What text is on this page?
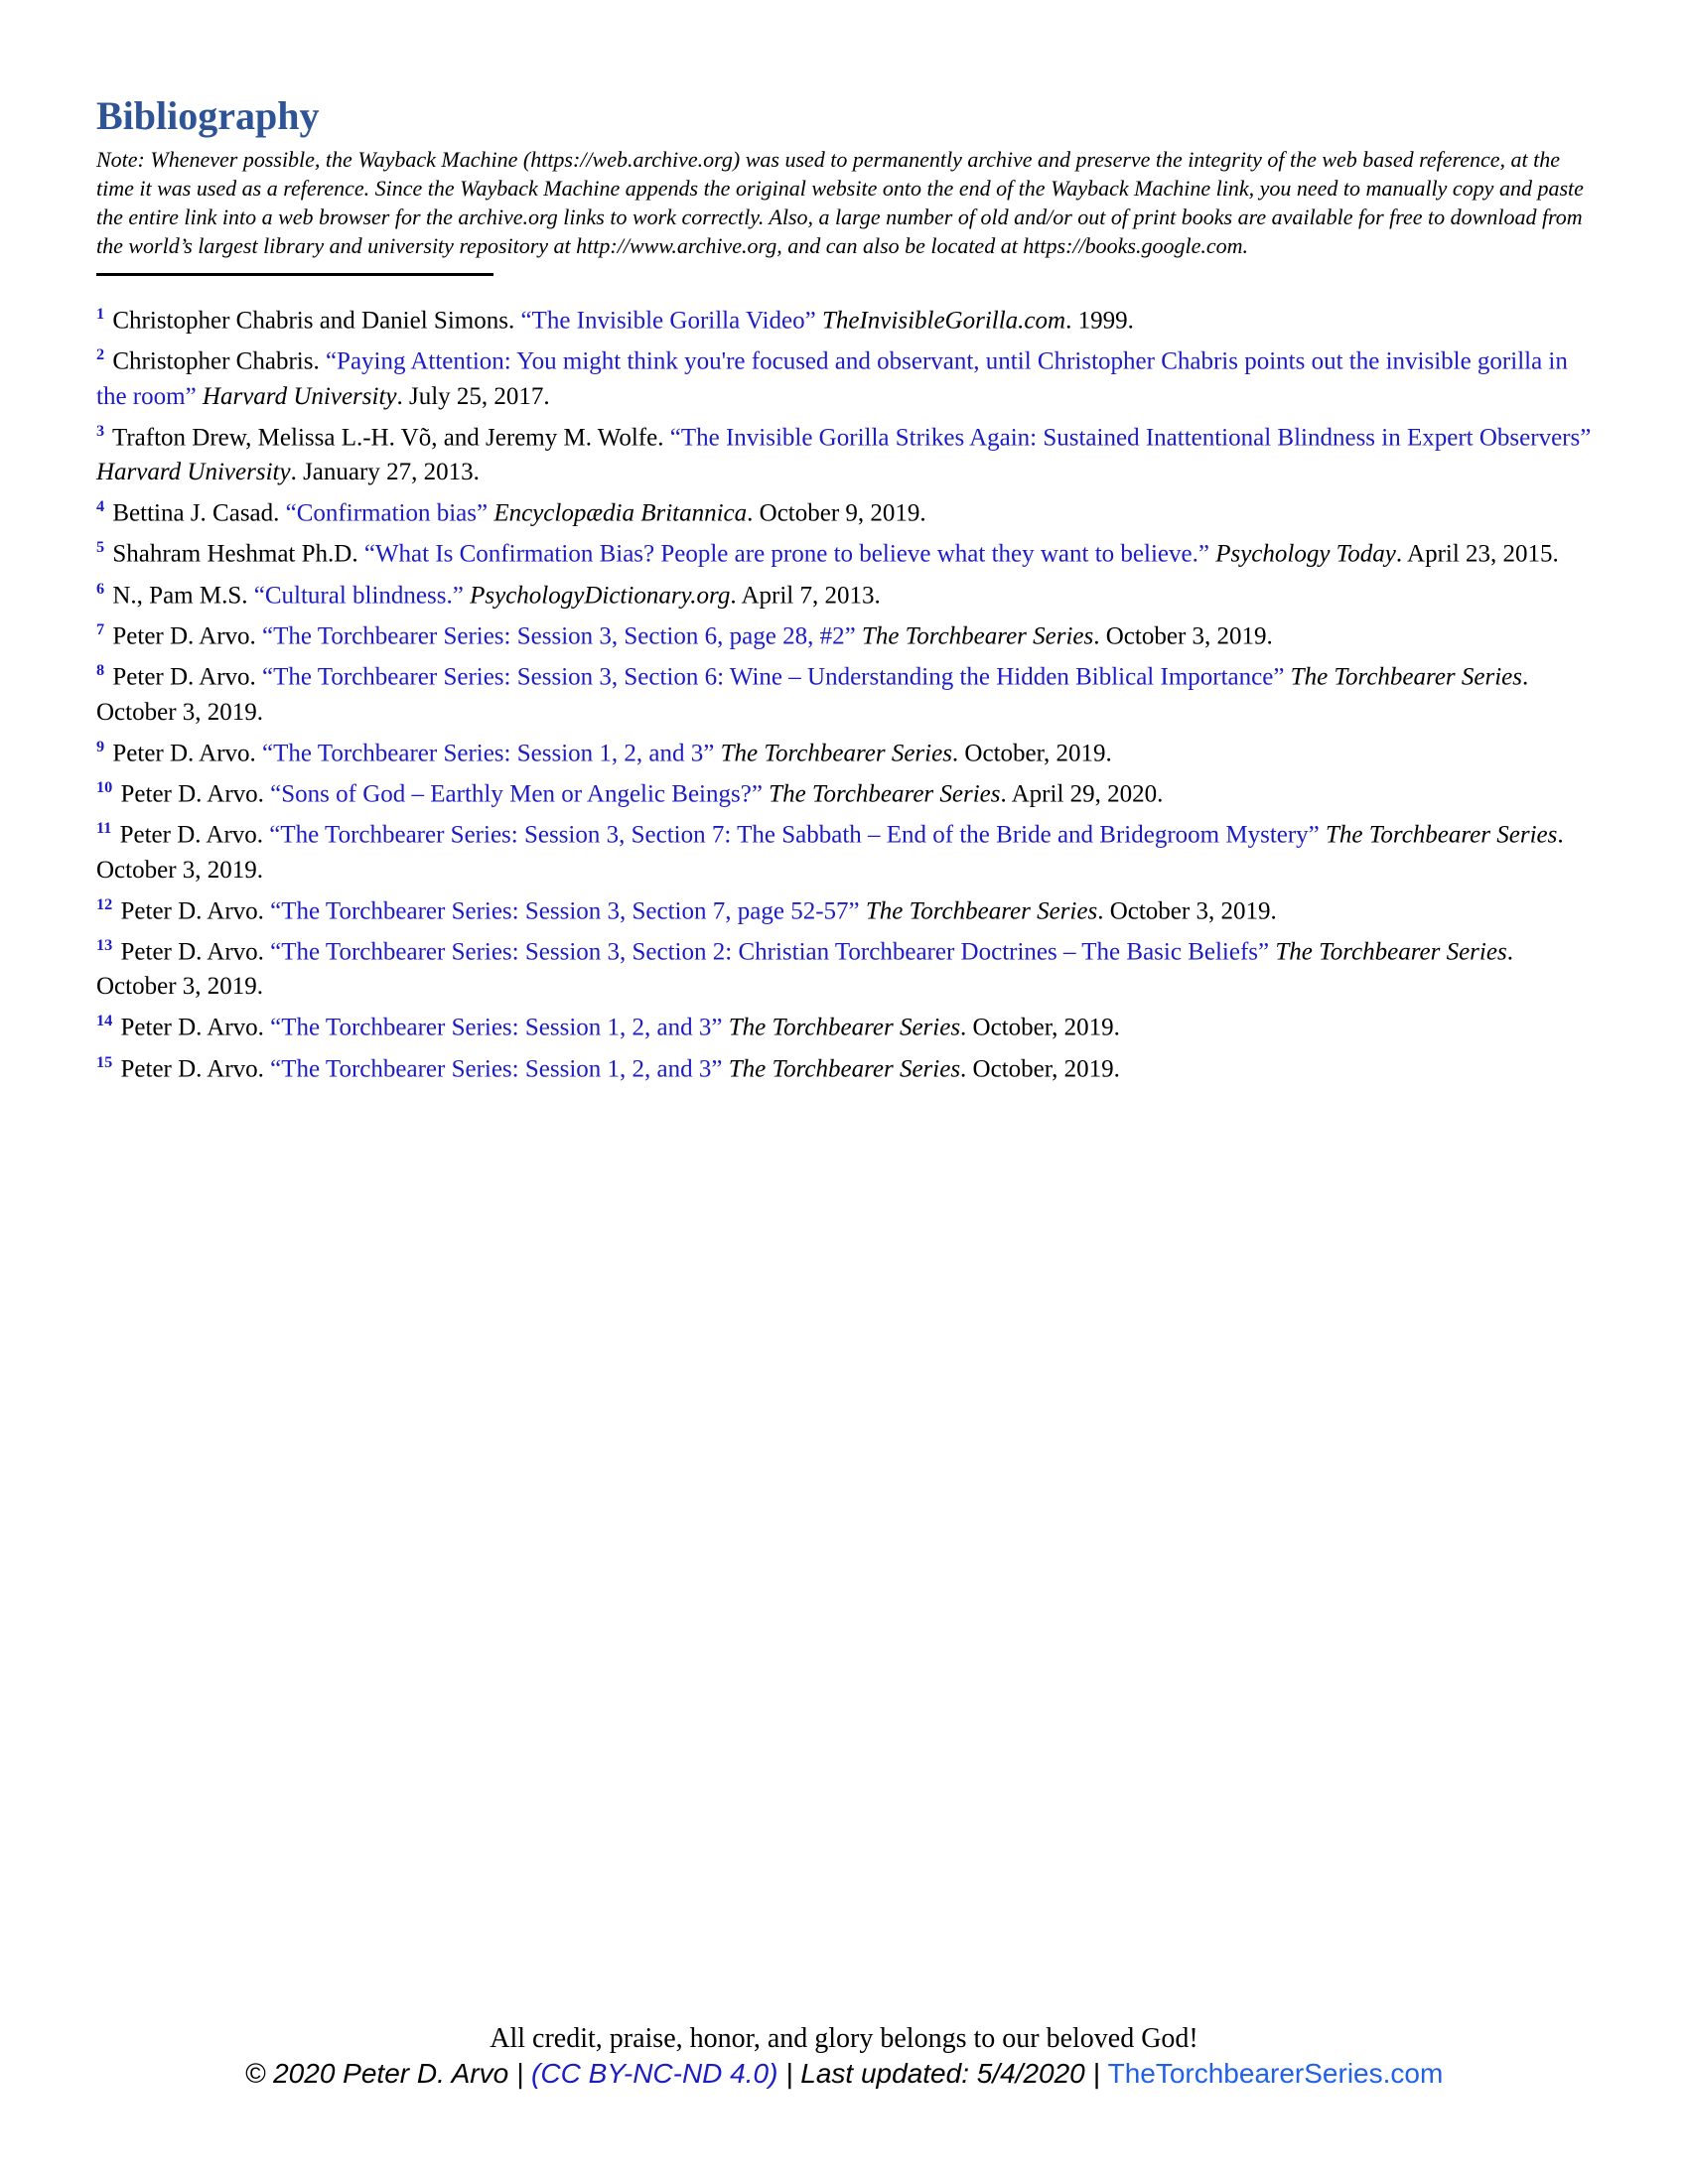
Bibliography

Note: Whenever possible, the Wayback Machine (https://web.archive.org) was used to permanently archive and preserve the integrity of the web based reference, at the time it was used as a reference. Since the Wayback Machine appends the original website onto the end of the Wayback Machine link, you need to manually copy and paste the entire link into a web browser for the archive.org links to work correctly. Also, a large number of old and/or out of print books are available for free to download from the world’s largest library and university repository at http://www.archive.org, and can also be located at https://books.google.com.

$^1$ Christopher Chabris and Daniel Simons. “The Invisible Gorilla Video” TheInvisibleGorilla.com. 1999.

$^2$ Christopher Chabris. “Paying Attention: You might think you're focused and observant, until Christopher Chabris points out the invisible gorilla in the room” Harvard University. July 25, 2017.

$^3$ Trafton Drew, Melissa L.-H. Võ, and Jeremy M. Wolfe. “The Invisible Gorilla Strikes Again: Sustained Inattentional Blindness in Expert Observers” Harvard University. January 27, 2013.

$^4$ Bettina J. Casad. “Confirmation bias” Encyclopædia Britannica. October 9, 2019.

$^5$ Shahram Heshmat Ph.D. “What Is Confirmation Bias? People are prone to believe what they want to believe.” Psychology Today. April 23, 2015.

$^6$ N., Pam M.S. “Cultural blindness.” PsychologyDictionary.org. April 7, 2013.

$^7$ Peter D. Arvo. “The Torchbearer Series: Session 3, Section 6, page 28, #2” The Torchbearer Series. October 3, 2019.

$^8$ Peter D. Arvo. “The Torchbearer Series: Session 3, Section 6: Wine – Understanding the Hidden Biblical Importance” The Torchbearer Series. October 3, 2019.

$^9$ Peter D. Arvo. “The Torchbearer Series: Session 1, 2, and 3” The Torchbearer Series. October, 2019.

$^{10}$ Peter D. Arvo. “Sons of God – Earthly Men or Angelic Beings?” The Torchbearer Series. April 29, 2020.

$^{11}$ Peter D. Arvo. “The Torchbearer Series: Session 3, Section 7: The Sabbath – End of the Bride and Bridegroom Mystery” The Torchbearer Series. October 3, 2019.

$^{12}$ Peter D. Arvo. “The Torchbearer Series: Session 3, Section 7, page 52-57” The Torchbearer Series. October 3, 2019.

$^{13}$ Peter D. Arvo. “The Torchbearer Series: Session 3, Section 2: Christian Torchbearer Doctrines – The Basic Beliefs” The Torchbearer Series. October 3, 2019.

$^{14}$ Peter D. Arvo. “The Torchbearer Series: Session 1, 2, and 3” The Torchbearer Series. October, 2019.

$^{15}$ Peter D. Arvo. “The Torchbearer Series: Session 1, 2, and 3” The Torchbearer Series. October, 2019.

All credit, praise, honor, and glory belongs to our beloved God!

© 2020 Peter D. Arvo | (CC BY-NC-ND 4.0) | Last updated: 5/4/2020 | TheTorchbearerSeries.com
